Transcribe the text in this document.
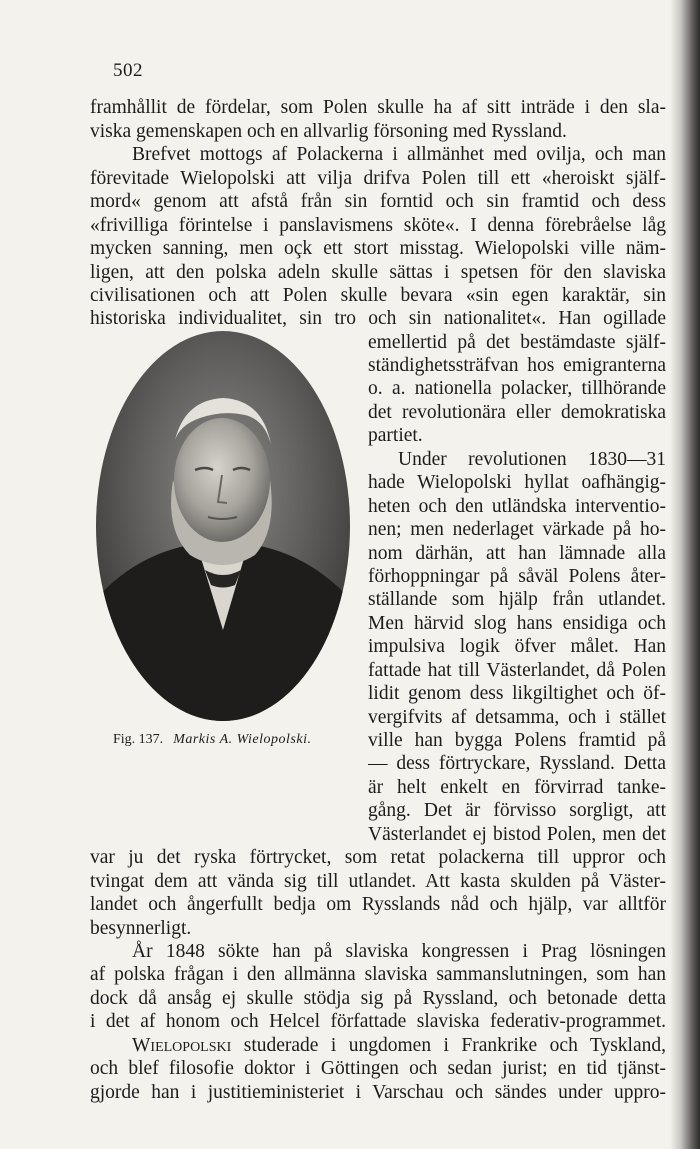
502
framhållit de fördelar, som Polen skulle ha af sitt inträde i den sla-
viska gemenskapen och en allvarlig försoning med Ryssland.
Brefvet mottogs af Polackerna i allmänhet med ovilja, och man
förevitade Wielopolski att vilja drifva Polen till ett «heroiskt själf-
mord« genom att afstå från sin forntid och sin framtid och dess
«frivilliga förintelse i panslavismens sköte«. I denna förebråelse låg
mycken sanning, men oçk ett stort misstag. Wielopolski ville näm-
ligen, att den polska adeln skulle sättas i spetsen för den slaviska
civilisationen och att Polen skulle bevara «sin egen karaktär, sin
historiska individualitet, sin tro och sin nationalitet«. Han ogillade
emellertid på det bestämdaste själf-
ständighetssträfvan hos emigranterna
o. a. nationella polacker, tillhörande
det revolutionära eller demokratiska
partiet.
Under revolutionen 1830—31
hade Wielopolski hyllat oafhängig-
heten och den utländska interventio-
nen; men nederlaget värkade på ho-
nom därhän, att han lämnade alla
förhoppningar på såväl Polens åter-
ställande som hjälp från utlandet.
Men härvid slog hans ensidiga och
impulsiva logik öfver målet. Han
fattade hat till Västerlandet, då Polen
lidit genom dess likgiltighet och öf-
vergifvits af detsamma, och i stället
ville han bygga Polens framtid på
— dess förtryckare, Ryssland. Detta
är helt enkelt en förvirrad tanke-
gång. Det är förvisso sorgligt, att
Västerlandet ej bistod Polen, men det
var ju det ryska förtrycket, som retat polackerna till uppror och
tvingat dem att vända sig till utlandet. Att kasta skulden på Väster-
landet och ångerfullt bedja om Rysslands nåd och hjälp, var alltför
besynnerligt.
År 1848 sökte han på slaviska kongressen i Prag lösningen
af polska frågan i den allmänna slaviska sammanslutningen, som han
dock då ansåg ej skulle stödja sig på Ryssland, och betonade detta
i det af honom och Helcel författade slaviska federativ-programmet.
Wielopolski studerade i ungdomen i Frankrike och Tyskland,
och blef filosofie doktor i Göttingen och sedan jurist; en tid tjänst-
gjorde han i justitieministeriet i Varschau och sändes under uppro-
Fig. 137. Markis A. Wielopolski.
